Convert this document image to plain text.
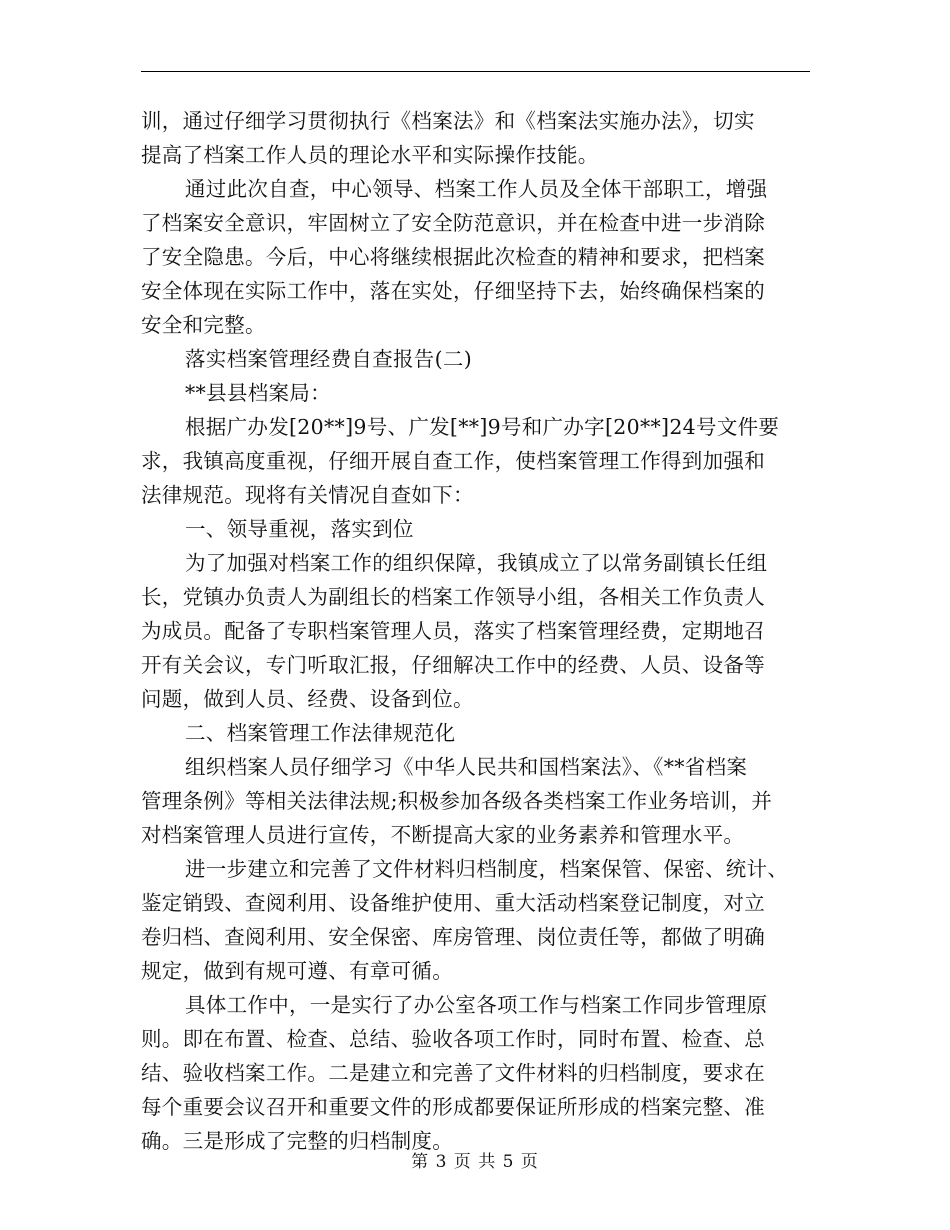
训，通过仔细学习贯彻执行《档案法》和《档案法实施办法》，切实
提高了档案工作人员的理论水平和实际操作技能。
通过此次自查，中心领导、档案工作人员及全体干部职工，增强
了档案安全意识，牢固树立了安全防范意识，并在检查中进一步消除
了安全隐患。今后，中心将继续根据此次检查的精神和要求，把档案
安全体现在实际工作中，落在实处，仔细坚持下去，始终确保档案的
安全和完整。
落实档案管理经费自查报告(二)
**县县档案局：
根据广办发[20**]9号、广发[**]9号和广办字[20**]24号文件要
求，我镇高度重视，仔细开展自查工作，使档案管理工作得到加强和
法律规范。现将有关情况自查如下：
一、领导重视，落实到位
为了加强对档案工作的组织保障，我镇成立了以常务副镇长任组
长，党镇办负责人为副组长的档案工作领导小组，各相关工作负责人
为成员。配备了专职档案管理人员，落实了档案管理经费，定期地召
开有关会议，专门听取汇报，仔细解决工作中的经费、人员、设备等
问题，做到人员、经费、设备到位。
二、档案管理工作法律规范化
组织档案人员仔细学习《中华人民共和国档案法》、《**省档案
管理条例》等相关法律法规;积极参加各级各类档案工作业务培训，并
对档案管理人员进行宣传，不断提高大家的业务素养和管理水平。
进一步建立和完善了文件材料归档制度，档案保管、保密、统计、
鉴定销毁、查阅利用、设备维护使用、重大活动档案登记制度，对立
卷归档、查阅利用、安全保密、库房管理、岗位责任等，都做了明确
规定，做到有规可遵、有章可循。
具体工作中，一是实行了办公室各项工作与档案工作同步管理原
则。即在布置、检查、总结、验收各项工作时，同时布置、检查、总
结、验收档案工作。二是建立和完善了文件材料的归档制度，要求在
每个重要会议召开和重要文件的形成都要保证所形成的档案完整、准
确。三是形成了完整的归档制度。
第 3 页 共 5 页
